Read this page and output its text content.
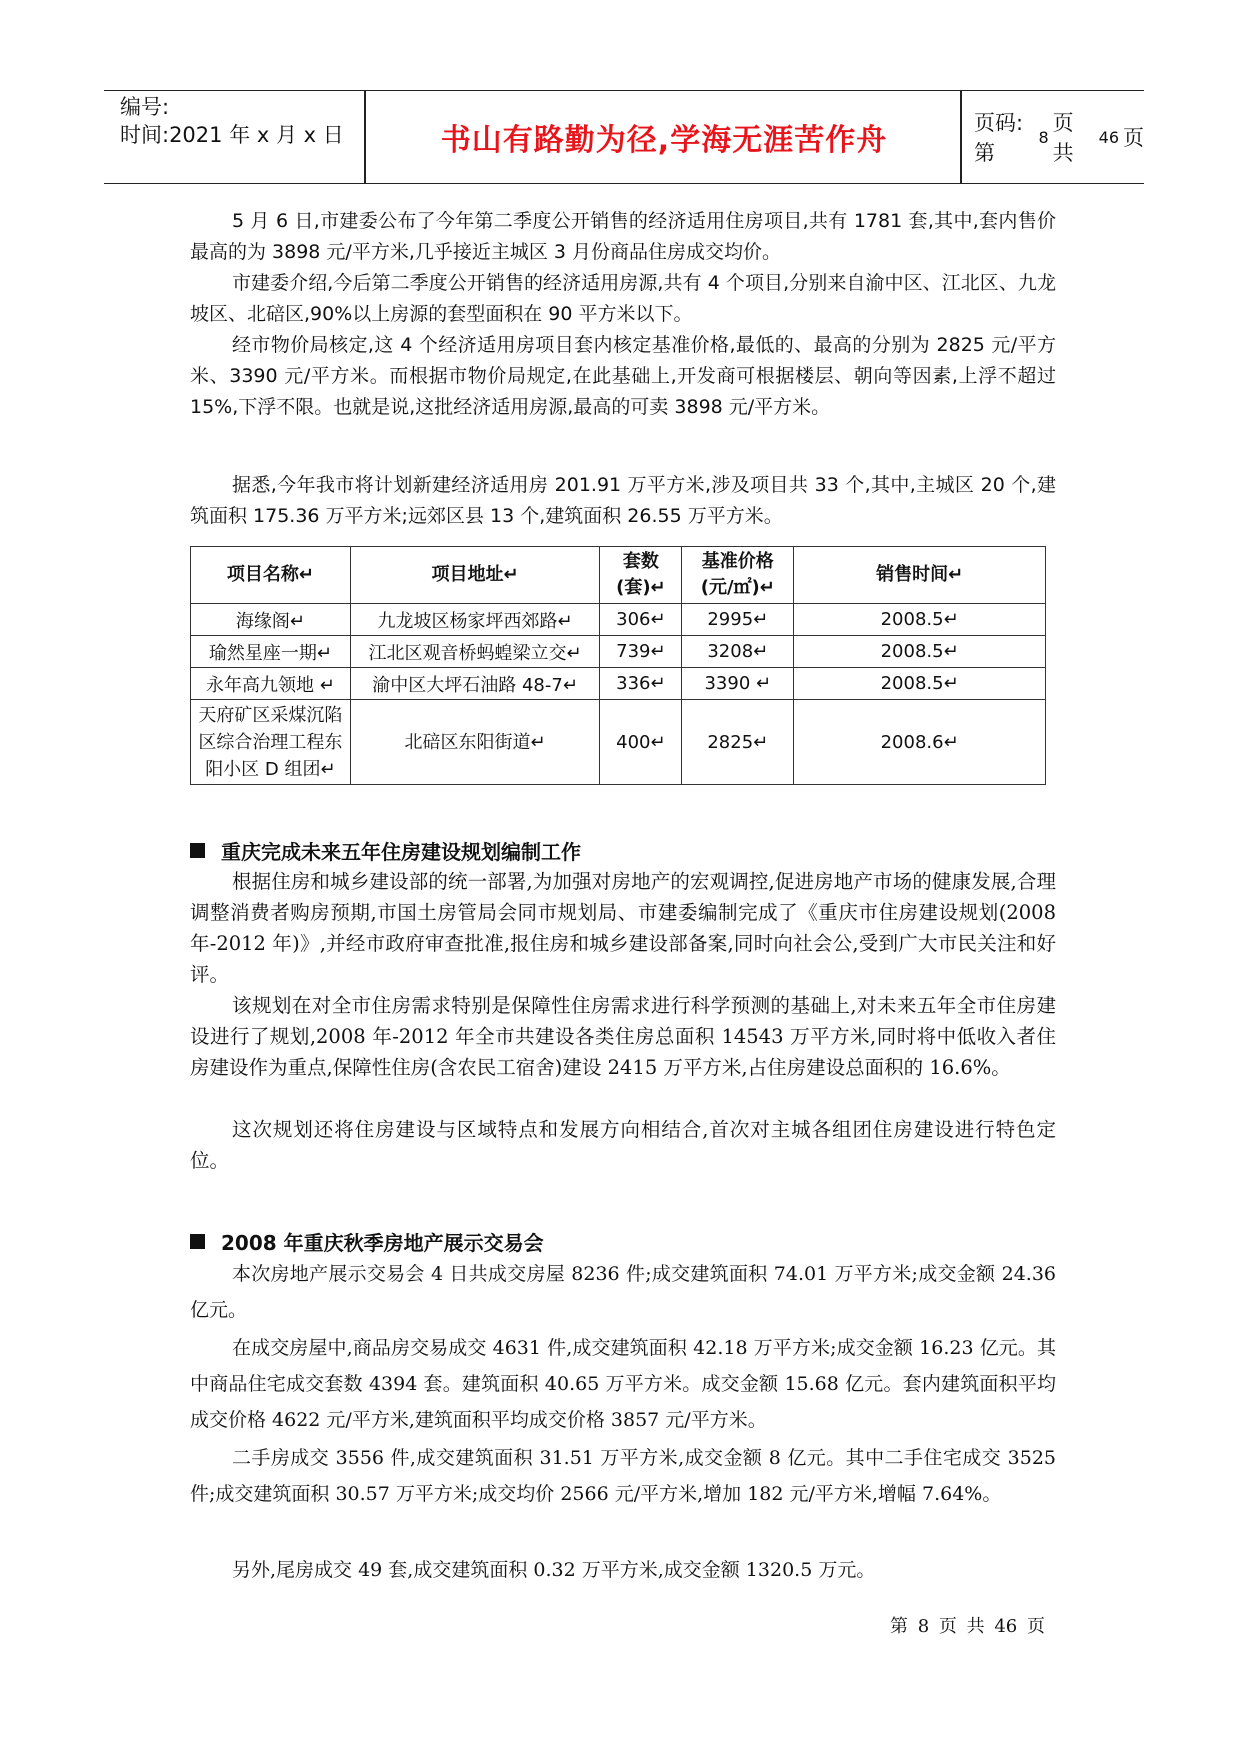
编号:
时间:2021 年 x 月 x 日	书山有路勤为径,学海无涯苦作舟	页码:第
8
页 共
46 页

5 月 6 日,市建委公布了今年第二季度公开销售的经济适用住房项目,共有 1781 套,其中,套内售价最高的为 3898 元/平方米,几乎接近主城区 3 月份商品住房成交均价。

市建委介绍,今后第二季度公开销售的经济适用房源,共有 4 个项目,分别来自渝中区、江北区、九龙坡区、北碚区,90%以上房源的套型面积在 90 平方米以下。

经市物价局核定,这 4 个经济适用房项目套内核定基准价格,最低的、最高的分别为 2825 元/平方米、3390 元/平方米。而根据市物价局规定,在此基础上,开发商可根据楼层、朝向等因素,上浮不超过 15%,下浮不限。也就是说,这批经济适用房源,最高的可卖 3898 元/平方米。

据悉,今年我市将计划新建经济适用房 201.91 万平方米,涉及项目共 33 个,其中,主城区 20 个,建筑面积 175.36 万平方米;远郊区县 13 个,建筑面积 26.55 万平方米。

项目名称↵	项目地址↵	套数(套)↵	基准价格(元/㎡)↵	销售时间↵
海缘阁↵	九龙坡区杨家坪西郊路↵	306↵	2995↵	2008.5↵
瑜然星座一期↵	江北区观音桥蚂蝗梁立交↵	739↵	3208↵	2008.5↵
永年高九领地 ↵	渝中区大坪石油路 48-7↵	336↵	3390 ↵	2008.5↵
天府矿区采煤沉陷区综合治理工程东阳小区 D 组团↵	北碚区东阳街道↵	400↵	2825↵	2008.6↵
重庆完成未来五年住房建设规划编制工作

根据住房和城乡建设部的统一部署,为加强对房地产的宏观调控,促进房地产市场的健康发展,合理调整消费者购房预期,市国土房管局会同市规划局、市建委编制完成了《重庆市住房建设规划(2008 年-2012 年)》,并经市政府审查批准,报住房和城乡建设部备案,同时向社会公,受到广大市民关注和好评。

该规划在对全市住房需求特别是保障性住房需求进行科学预测的基础上,对未来五年全市住房建设进行了规划,2008 年-2012 年全市共建设各类住房总面积 14543 万平方米,同时将中低收入者住房建设作为重点,保障性住房(含农民工宿舍)建设 2415 万平方米,占住房建设总面积的 16.6%。

这次规划还将住房建设与区域特点和发展方向相结合,首次对主城各组团住房建设进行特色定位。

2008 年重庆秋季房地产展示交易会

本次房地产展示交易会 4 日共成交房屋 8236 件;成交建筑面积 74.01 万平方米;成交金额 24.36 亿元。

在成交房屋中,商品房交易成交 4631 件,成交建筑面积 42.18 万平方米;成交金额 16.23 亿元。其中商品住宅成交套数 4394 套。建筑面积 40.65 万平方米。成交金额 15.68 亿元。套内建筑面积平均成交价格 4622 元/平方米,建筑面积平均成交价格 3857 元/平方米。

二手房成交 3556 件,成交建筑面积 31.51 万平方米,成交金额 8 亿元。其中二手住宅成交 3525 件;成交建筑面积 30.57 万平方米;成交均价 2566 元/平方米,增加 182 元/平方米,增幅 7.64%。

另外,尾房成交 49 套,成交建筑面积 0.32 万平方米,成交金额 1320.5 万元。

第 8 页 共 46 页
